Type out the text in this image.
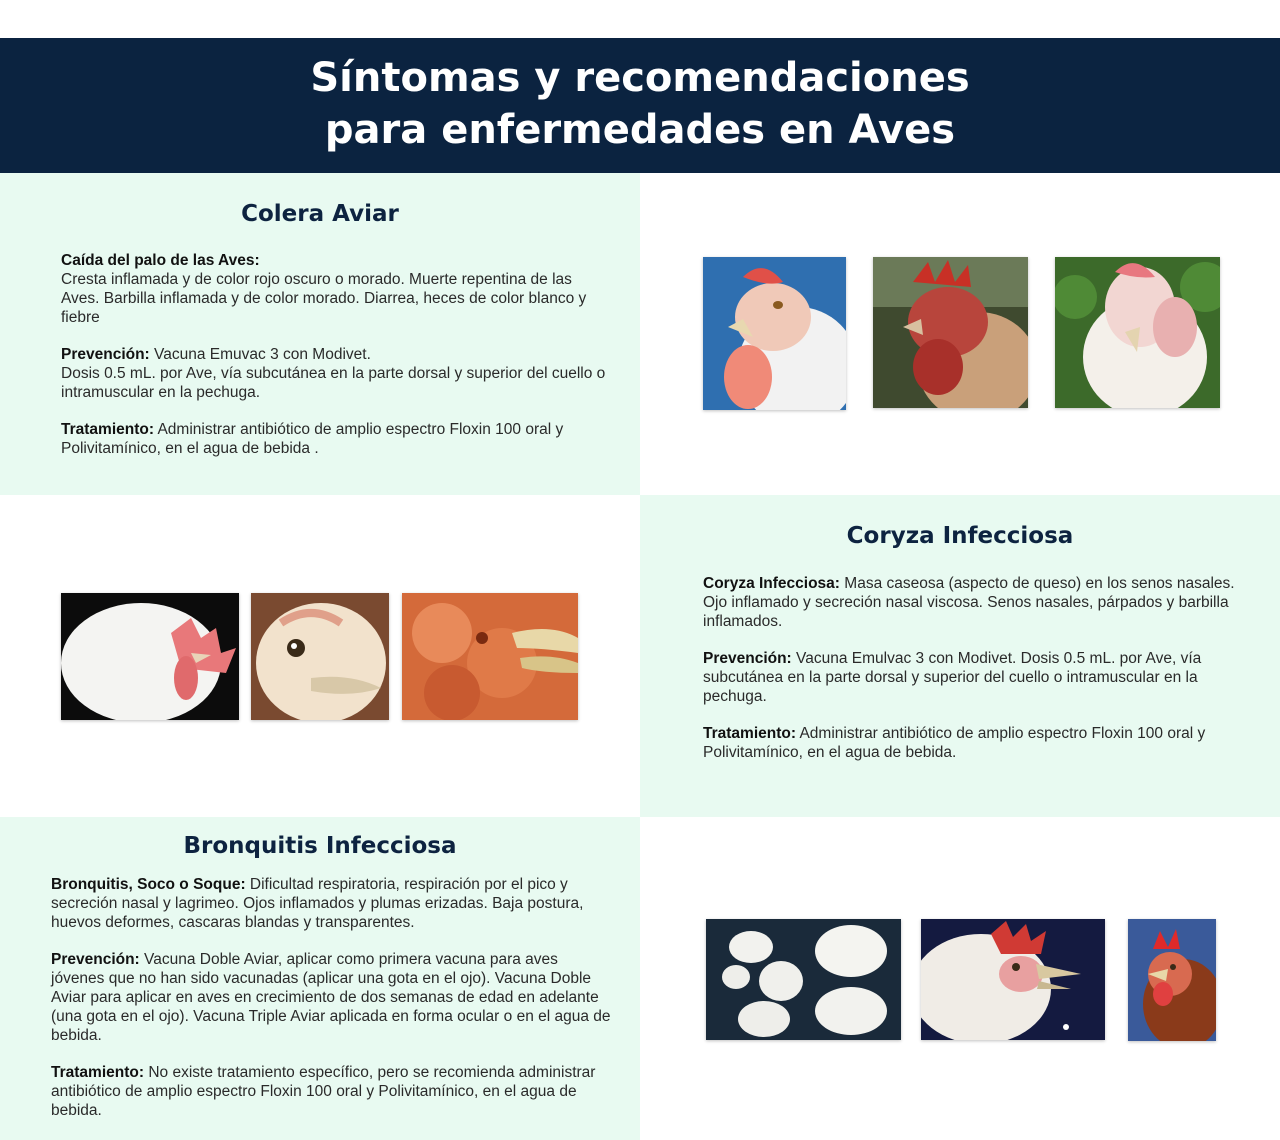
Síntomas y recomendaciones
para enfermedades en Aves
Colera Aviar

Caída del palo de las Aves:
Cresta inflamada y de color rojo oscuro o morado. Muerte repentina de las Aves. Barbilla inflamada y de color morado. Diarrea, heces de color blanco y fiebre

Prevención: Vacuna Emuvac 3 con Modivet.
Dosis 0.5 mL. por Ave, vía subcutánea en la parte dorsal y superior del cuello o intramuscular en la pechuga.

Tratamiento: Administrar antibiótico de amplio espectro Floxin 100 oral y Polivitamínico, en el agua de bebida .

Coryza Infecciosa

Coryza Infecciosa: Masa caseosa (aspecto de queso) en los senos nasales. Ojo inflamado y secreción nasal viscosa. Senos nasales, párpados y barbilla inflamados.

Prevención: Vacuna Emulvac 3 con Modivet. Dosis 0.5 mL. por Ave, vía subcutánea en la parte dorsal y superior del cuello o intramuscular en la pechuga.

Tratamiento: Administrar antibiótico de amplio espectro Floxin 100 oral y Polivitamínico, en el agua de bebida.

Bronquitis Infecciosa

Bronquitis, Soco o Soque: Dificultad respiratoria, respiración por el pico y secreción nasal y lagrimeo. Ojos inflamados y plumas erizadas. Baja postura, huevos deformes, cascaras blandas y transparentes.

Prevención: Vacuna Doble Aviar, aplicar como primera vacuna para aves jóvenes que no han sido vacunadas (aplicar una gota en el ojo). Vacuna Doble Aviar para aplicar en aves en crecimiento de dos semanas de edad en adelante (una gota en el ojo). Vacuna Triple Aviar aplicada en forma ocular o en el agua de bebida.

Tratamiento: No existe tratamiento específico, pero se recomienda administrar antibiótico de amplio espectro Floxin 100 oral y Polivitamínico, en el agua de bebida.
